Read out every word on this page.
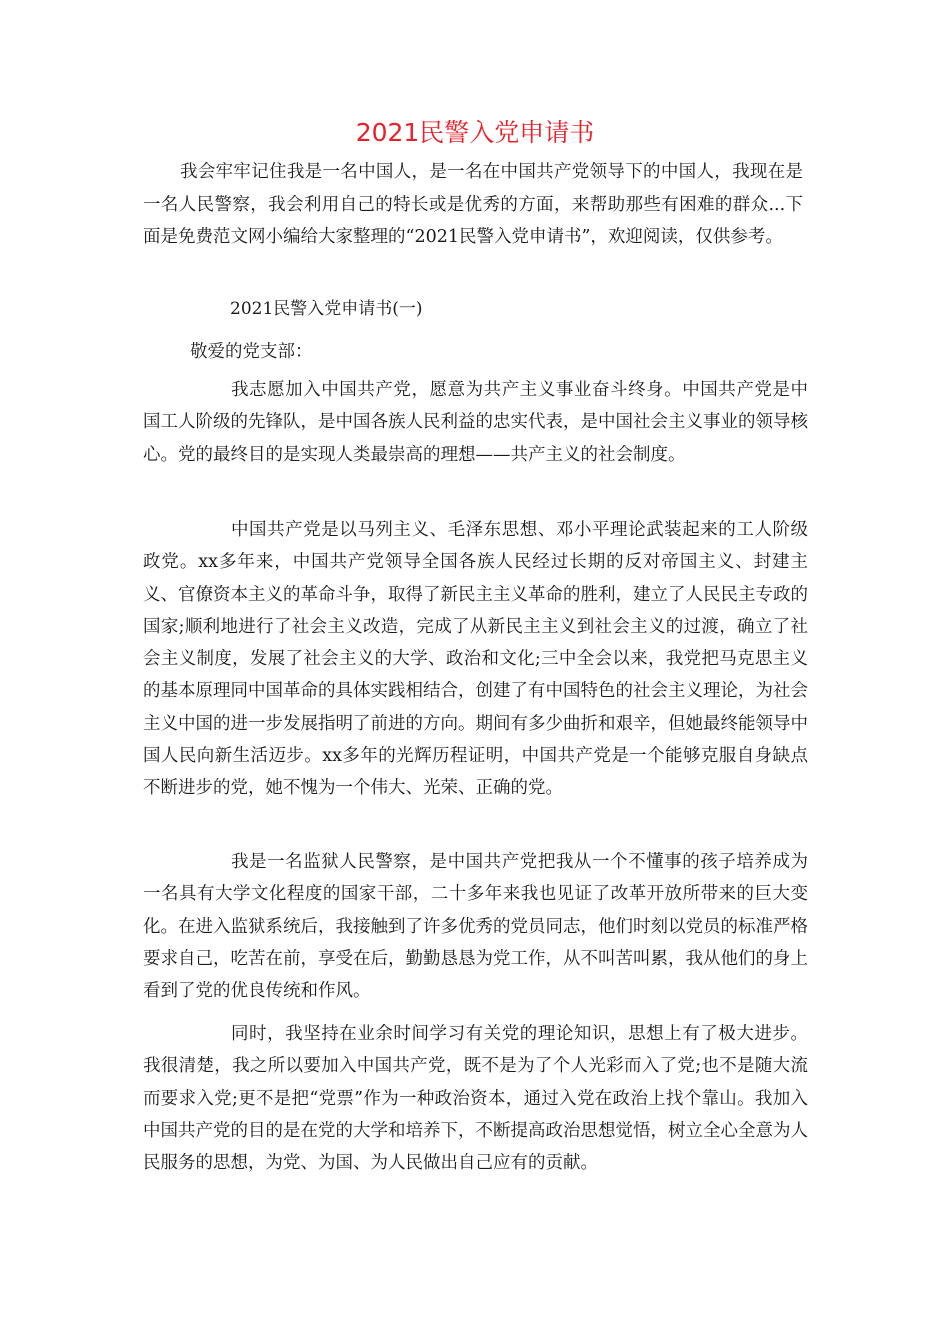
2021民警入党申请书

我会牢牢记住我是一名中国人，是一名在中国共产党领导下的中国人，我现在是一名人民警察，我会利用自己的特长或是优秀的方面，来帮助那些有困难的群众...下面是免费范文网小编给大家整理的“2021民警入党申请书”，欢迎阅读，仅供参考。

2021民警入党申请书(一)

敬爱的党支部：

我志愿加入中国共产党，愿意为共产主义事业奋斗终身。中国共产党是中国工人阶级的先锋队，是中国各族人民利益的忠实代表，是中国社会主义事业的领导核心。党的最终目的是实现人类最崇高的理想——共产主义的社会制度。

中国共产党是以马列主义、毛泽东思想、邓小平理论武装起来的工人阶级政党。xx多年来，中国共产党领导全国各族人民经过长期的反对帝国主义、封建主义、官僚资本主义的革命斗争，取得了新民主主义革命的胜利，建立了人民民主专政的国家;顺利地进行了社会主义改造，完成了从新民主主义到社会主义的过渡，确立了社会主义制度，发展了社会主义的大学、政治和文化;三中全会以来，我党把马克思主义的基本原理同中国革命的具体实践相结合，创建了有中国特色的社会主义理论，为社会主义中国的进一步发展指明了前进的方向。期间有多少曲折和艰辛，但她最终能领导中国人民向新生活迈步。xx多年的光辉历程证明，中国共产党是一个能够克服自身缺点不断进步的党，她不愧为一个伟大、光荣、正确的党。

我是一名监狱人民警察，是中国共产党把我从一个不懂事的孩子培养成为一名具有大学文化程度的国家干部，二十多年来我也见证了改革开放所带来的巨大变化。在进入监狱系统后，我接触到了许多优秀的党员同志，他们时刻以党员的标准严格要求自己，吃苦在前，享受在后，勤勤恳恳为党工作，从不叫苦叫累，我从他们的身上看到了党的优良传统和作风。

同时，我坚持在业余时间学习有关党的理论知识，思想上有了极大进步。我很清楚，我之所以要加入中国共产党，既不是为了个人光彩而入了党;也不是随大流而要求入党;更不是把“党票”作为一种政治资本，通过入党在政治上找个靠山。我加入中国共产党的目的是在党的大学和培养下，不断提高政治思想觉悟，树立全心全意为人民服务的思想，为党、为国、为人民做出自己应有的贡献。
